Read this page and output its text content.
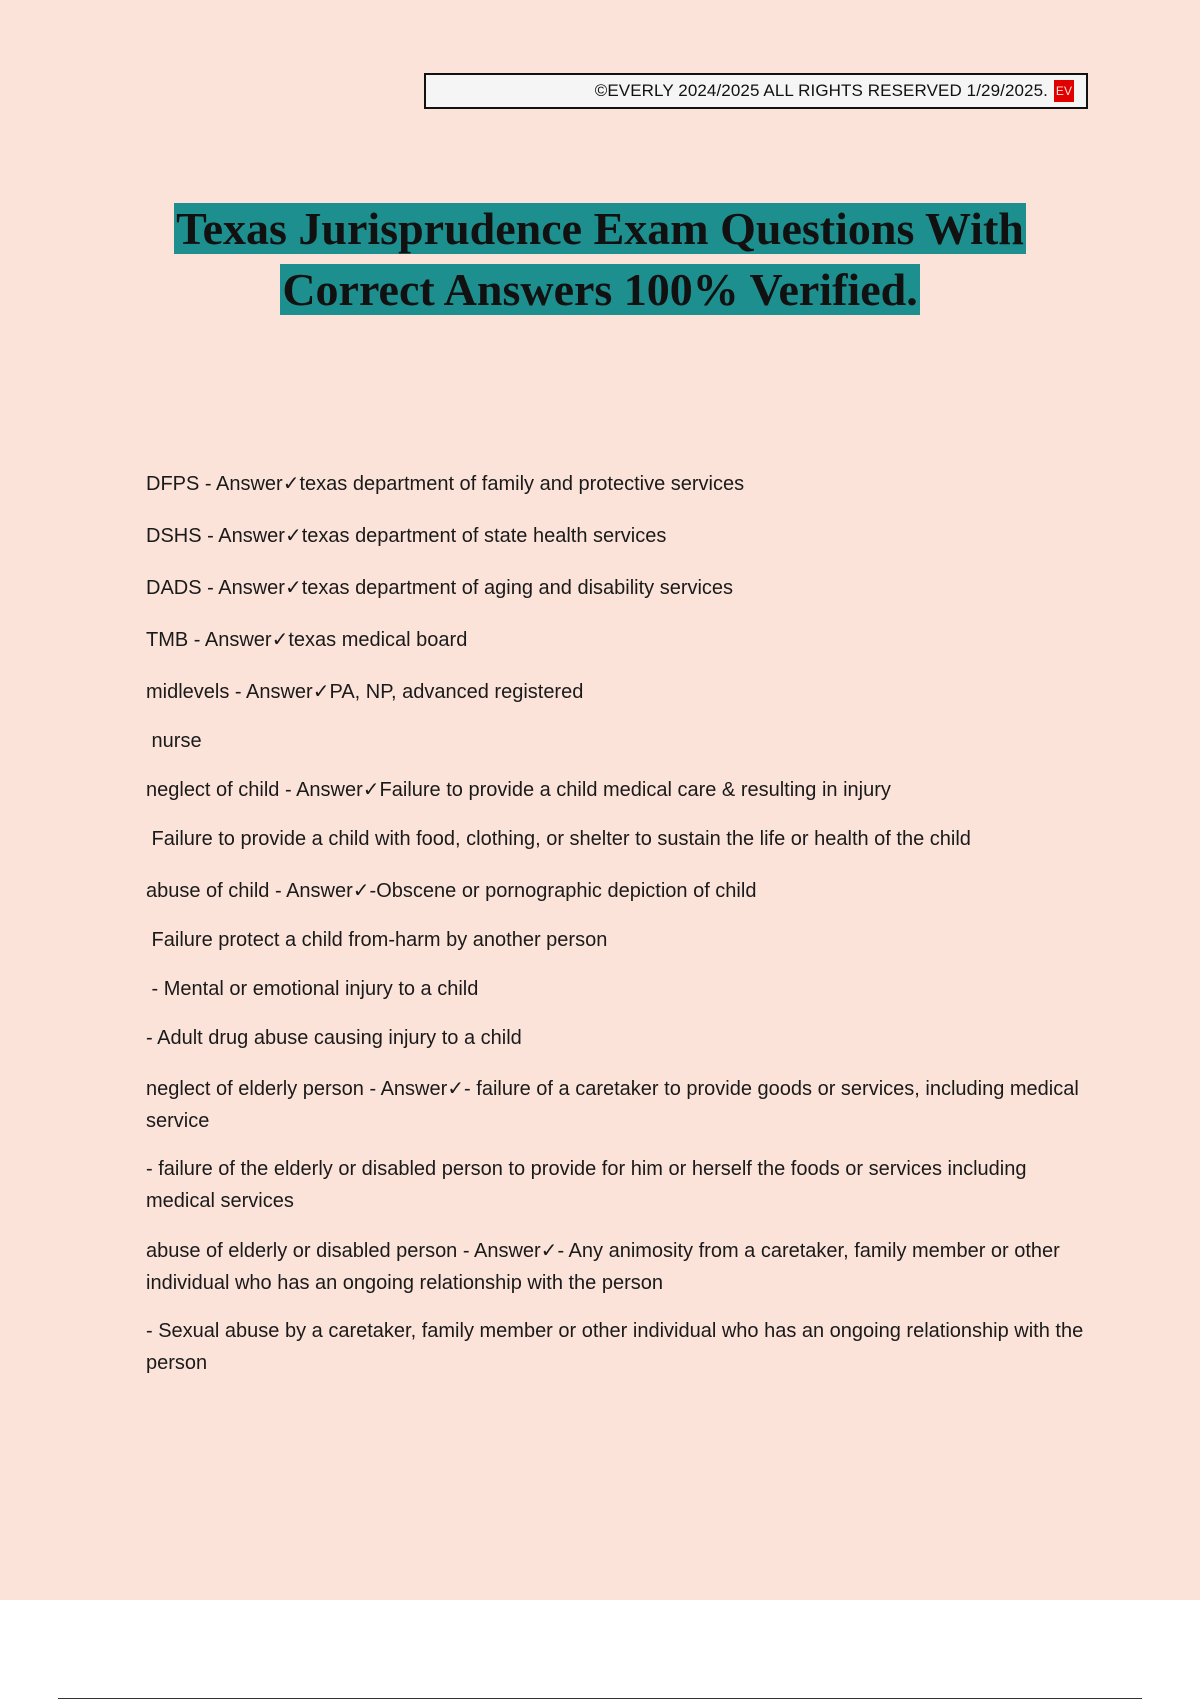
©EVERLY 2024/2025 ALL RIGHTS RESERVED 1/29/2025. EV
Texas Jurisprudence Exam Questions With
Correct Answers 100% Verified.

DFPS - Answer✓texas department of family and protective services

DSHS - Answer✓texas department of state health services

DADS - Answer✓texas department of aging and disability services

TMB - Answer✓texas medical board

midlevels - Answer✓PA, NP, advanced registered

nurse

neglect of child - Answer✓Failure to provide a child medical care & resulting in injury

Failure to provide a child with food, clothing, or shelter to sustain the life or health of the child

abuse of child - Answer✓-Obscene or pornographic depiction of child

Failure protect a child from-harm by another person

- Mental or emotional injury to a child

- Adult drug abuse causing injury to a child

neglect of elderly person - Answer✓- failure of a caretaker to provide goods or services, including medical service

- failure of the elderly or disabled person to provide for him or herself the foods or services including medical services

abuse of elderly or disabled person - Answer✓- Any animosity from a caretaker, family member or other individual who has an ongoing relationship with the person

- Sexual abuse by a caretaker, family member or other individual who has an ongoing relationship with the person
